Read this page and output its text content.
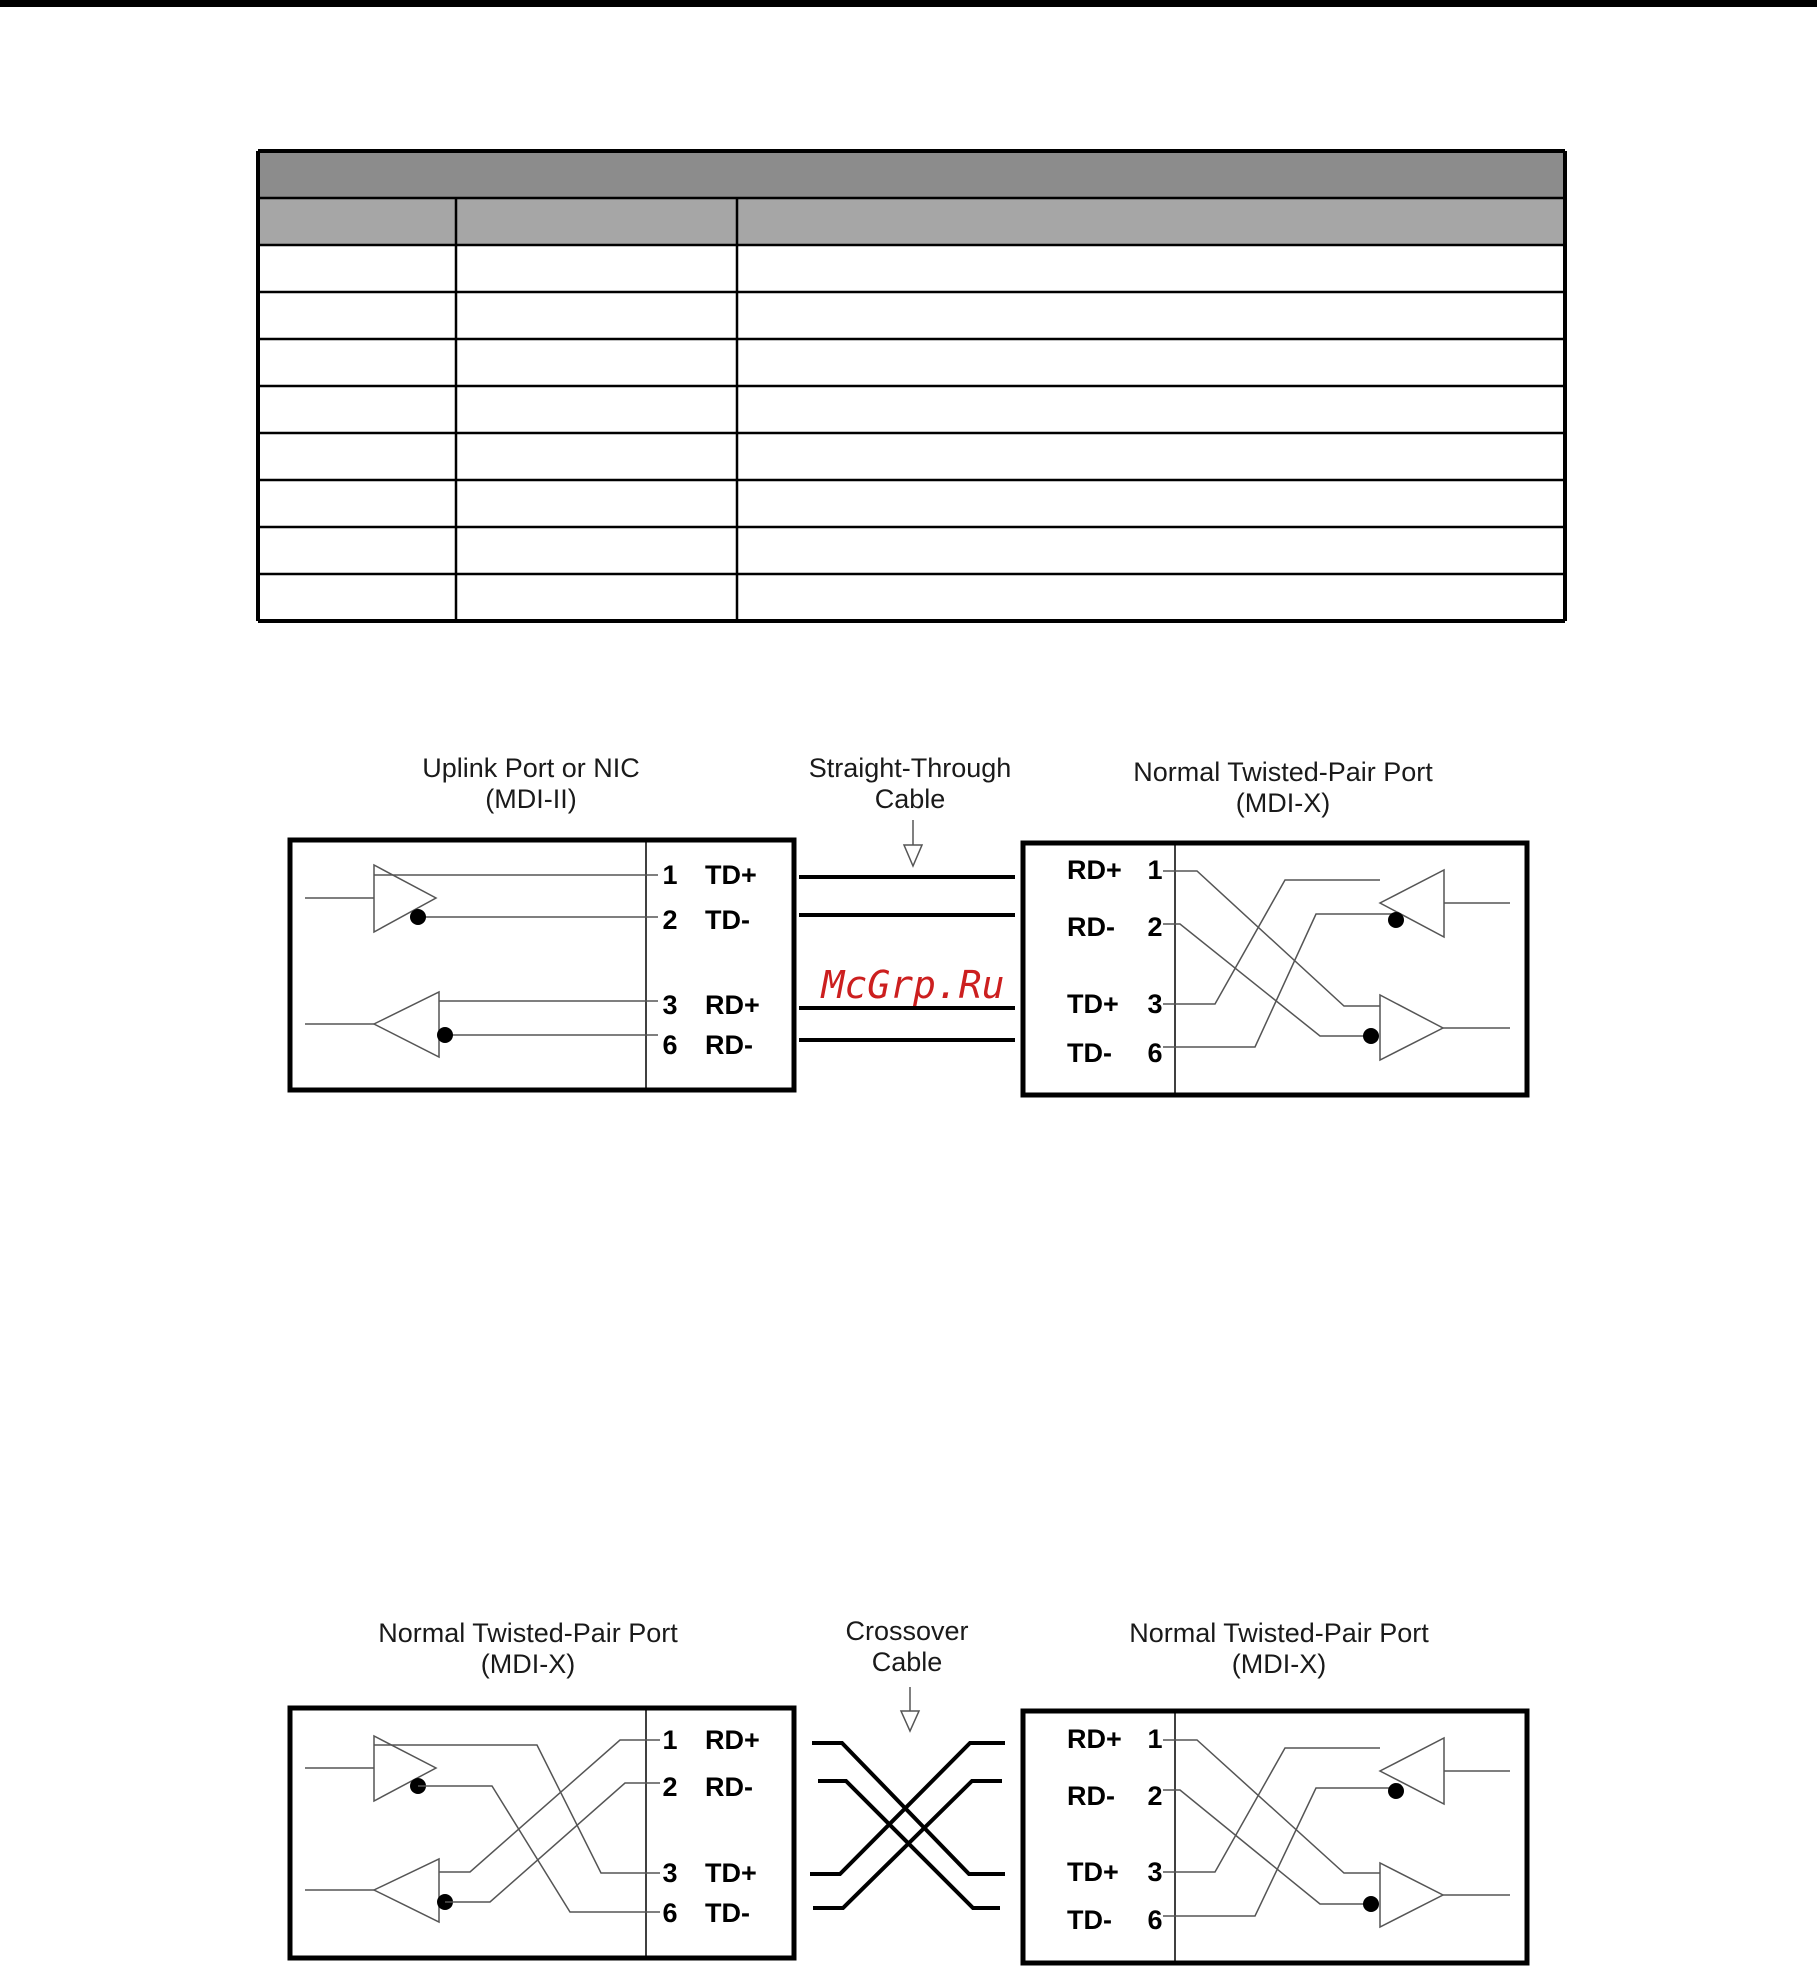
Uplink Port or NIC
(MDI-II)
Straight-Through
Cable
Normal Twisted-Pair Port
(MDI-X)
1 TD+
2 TD-
3 RD+
6 RD-
McGrp.Ru
RD+ 1
RD- 2
TD+ 3
TD- 6
Normal Twisted-Pair Port
(MDI-X)
Crossover
Cable
Normal Twisted-Pair Port
(MDI-X)
1 RD+
2 RD-
3 TD+
6 TD-
RD+ 1
RD- 2
TD+ 3
TD- 6
